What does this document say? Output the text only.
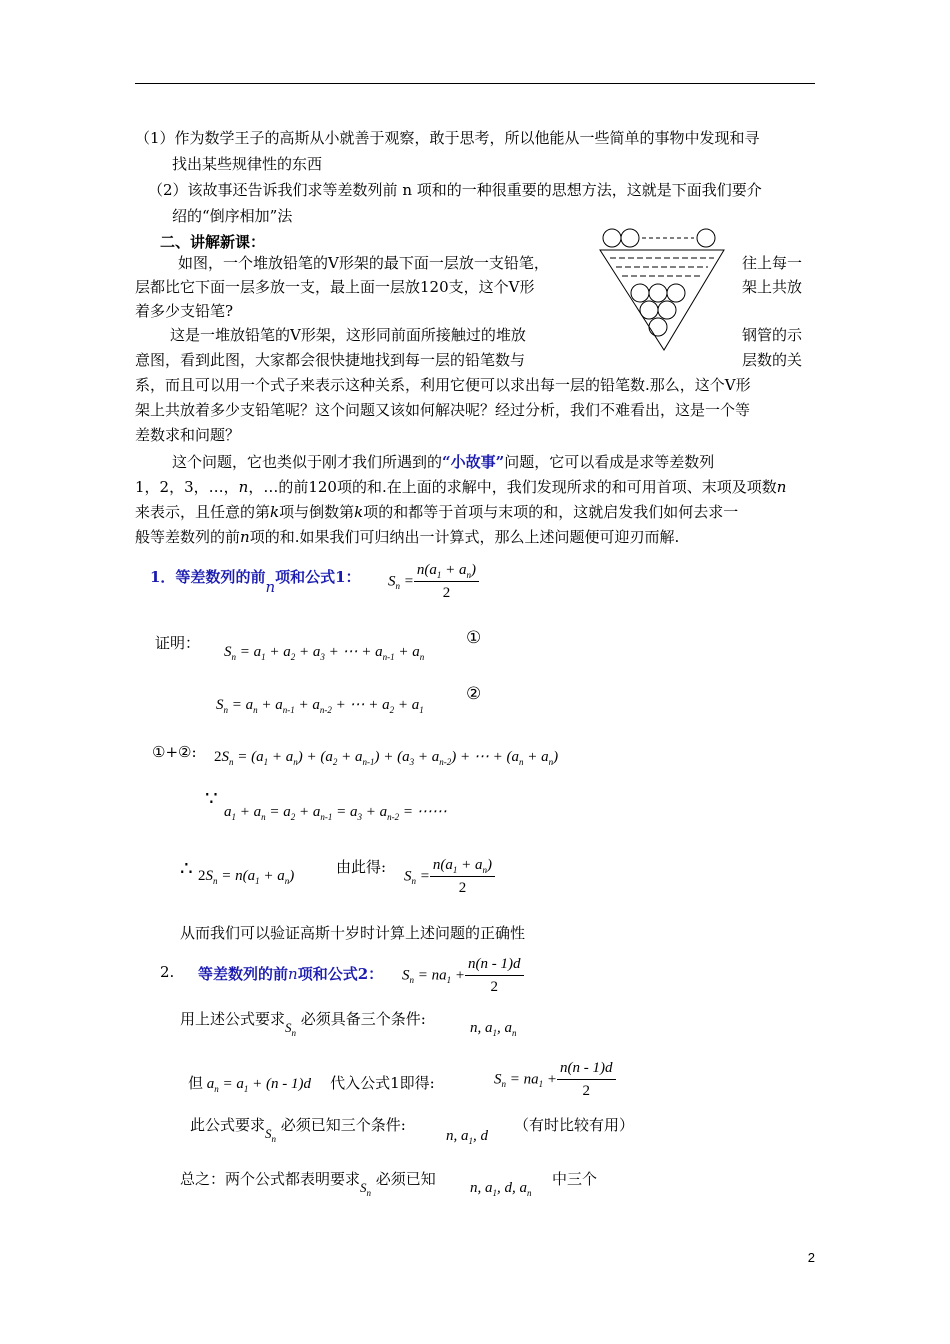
（1）作为数学王子的高斯从小就善于观察，敢于思考，所以他能从一些简单的事物中发现和寻
找出某些规律性的东西
（2）该故事还告诉我们求等差数列前 n 项和的一种很重要的思想方法，这就是下面我们要介
绍的“倒序相加”法
二、讲解新课：
如图，一个堆放铅笔的V形架的最下面一层放一支铅笔，	往上每一
层都比它下面一层多放一支，最上面一层放120支，这个V形	架上共放
着多少支铅笔?
这是一堆放铅笔的V形架，这形同前面所接触过的堆放	钢管的示
意图，看到此图，大家都会很快捷地找到每一层的铅笔数与	层数的关
系，而且可以用一个式子来表示这种关系，利用它便可以求出每一层的铅笔数.那么，这个V形
架上共放着多少支铅笔呢？这个问题又该如何解决呢？经过分析，我们不难看出，这是一个等
差数求和问题？
这个问题，它也类似于刚才我们所遇到的“小故事”问题，它可以看成是求等差数列
1，2，3，…，n，…的前120项的和.在上面的求解中，我们发现所求的和可用首项、末项及项数n
来表示，且任意的第k项与倒数第k项的和都等于首项与末项的和，这就启发我们如何去求一
般等差数列的前n项的和.如果我们可归纳出一计算式，那么上述问题便可迎刃而解.
1．等差数列的前n项和公式1： $S_n = \frac{n(a_1 + a_n)}{2}$
证明： $S_n = a_1 + a_2 + a_3$ + ⋯ + $a_{n-1} + a_n$
①
$S_n = a_n + a_{n-1} + a_{n-2}$ + ⋯ + $a_2 + a_1$
②
①+②: $2S_n = (a_1 + a_n) + (a_2 + a_{n-1}) + (a_3 + a_{n-2})$ + ⋯ + $(a_n + a_n)$
∵
$a_1 + a_n = a_2 + a_{n-1} = a_3 + a_{n-2}$ = ⋯⋯
∴ $2S_n = n(a_1 + a_n)$	由此得:
$S_n = \frac{n(a_1 + a_n)}{2}$
从而我们可以验证高斯十岁时计算上述问题的正确性
2. 等差数列的前n项和公式2： $S_n = na_1 + \frac{n(n - 1)d}{2}$
用上述公式要求$S_n$ 必须具备三个条件:	n, $a_1$, $a_n$
但 $a_n = a_1 + (n - 1)d$ 代入公式1即得:	$S_n = na_1 + \frac{n(n - 1)d}{2}$
此公式要求$S_n$ 必须已知三个条件:
n, $a_1$, d
（有时比较有用）
总之：两个公式都表明要求$S_n$ 必须已知 n, $a_1$, d, $a_n$
中三个
2
